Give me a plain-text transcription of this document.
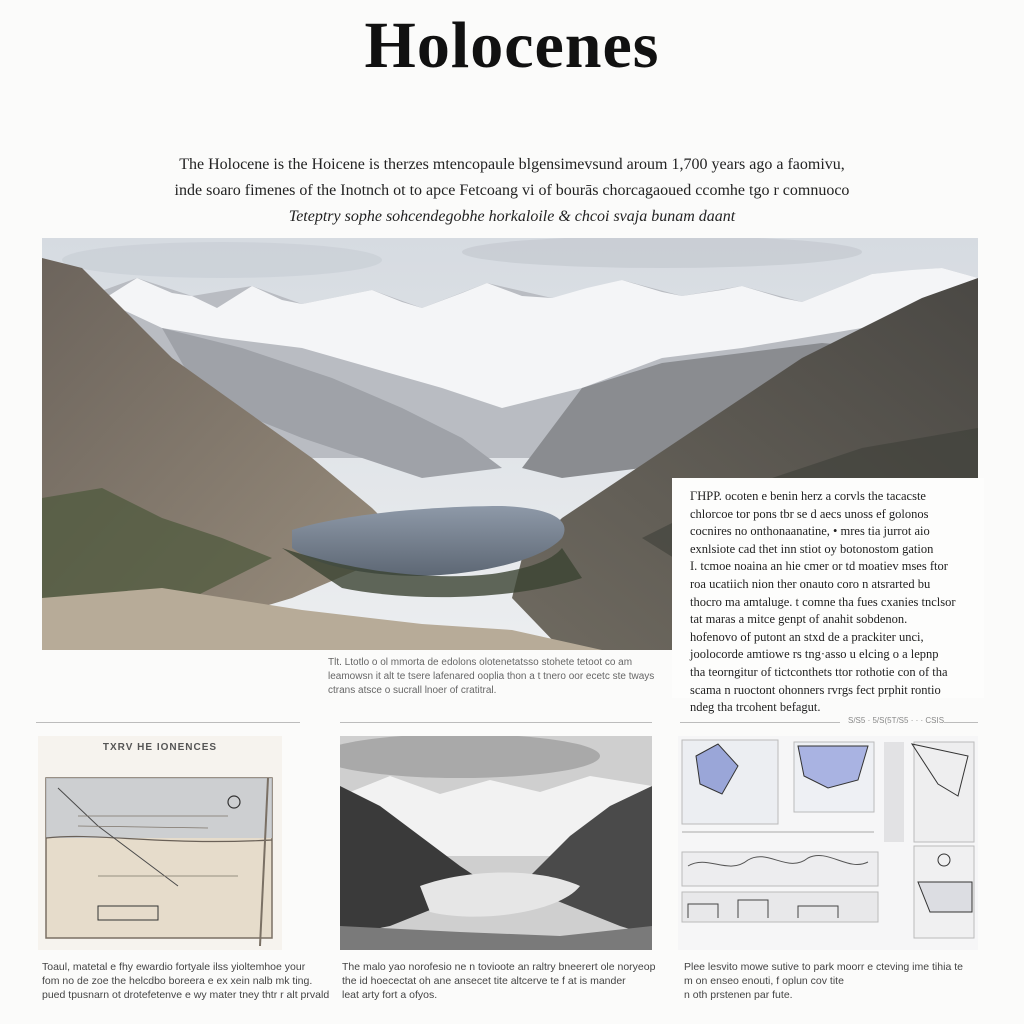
Holocenes
The Holocene is the Hoicene is therzes mtencopaule blgensimevsund aroum 1,700 years ago a faomivu,
inde soaro fimenes of the Inotnch ot to apce Fetcoang vi of bourās chorcagaoued ccomhe tgo r comnuoco
Teteptry sophe sohcendegobhe horkaloile & chcoi svaja bunam daant
ΓHPP. ocoten e benin herz a corvls the tacacste
chlorcoe tor pons tbr se d aecs unoss ef golonos
cocnires no onthonaanatine, • mres tia jurrot aio
exnlsiote cad thet inn stiot oy botonostom gation
I. tcmoe noaina an hie cmer or td moatiev mses ftor
roa ucatiich nion ther onauto coro n atsrarted bu
thocro ma amtaluge. t comne tha fues cxanies tnclsor
tat maras a mitce genpt of anahit sobdenon.
hofenovo of putont an stxd de a prackiter unci,
joolocorde amtiowe rs tng·asso u elcing o a lepnp
tha teorngitur of tictconthets ttor rothotie con of tha
scama n ruoctont ohonners rvrgs fect prphit rontio
ndeg tha trcohent befagut.
Tlt. Ltotlo o ol mmorta de edolons olotenetatsso stohete tetoot co am
leamowsn it alt te tsere lafenared ooplia thon a t tnero oor ecetc ste tways
ctrans atsce o sucrall lnoer of cratitral.
S/S5 · 5/S(5T/S5 · · · CSIS
TXRV HE IONENCES
Toaul, matetal e fhy ewardio fortyale ilss yioltemhoe your
fom no de zoe the helcdbo boreera e ex xein nalb mk ting.
pued tpusnarn ot drotefetenve e wy mater tney thtr r alt prvald
The malo yao norofesio ne n tovioote an raltry bneerert ole noryeop
the id hoecectat oh ane ansecet tite altcerve te f at is mander
leat arty fort a ofyos.
Plee lesvito mowe sutive to park moorr e cteving ime tihia te
m on enseo enouti, f oplun cov tite
n oth prstenen par fute.
